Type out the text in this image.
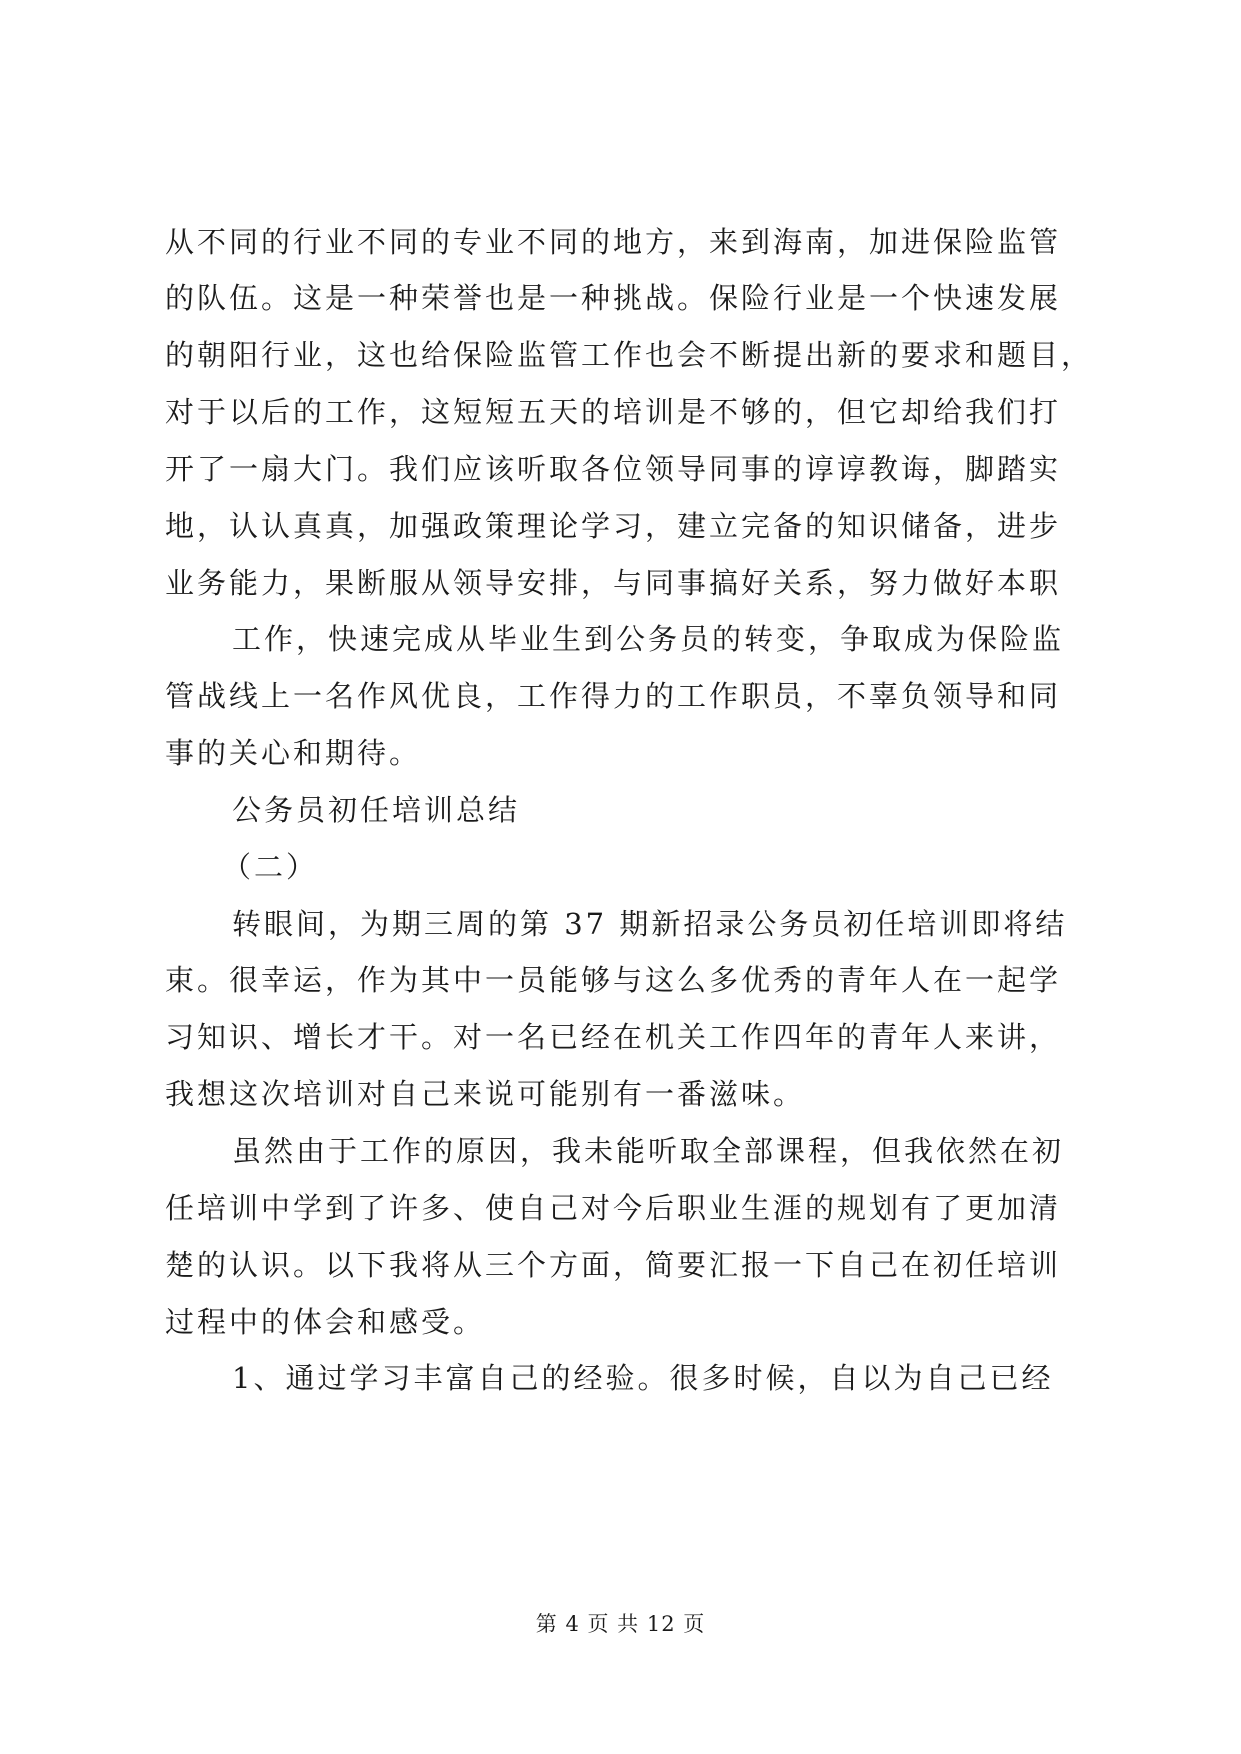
从不同的行业不同的专业不同的地方，来到海南，加进保险监管
的队伍。这是一种荣誉也是一种挑战。保险行业是一个快速发展
的朝阳行业，这也给保险监管工作也会不断提出新的要求和题目，
对于以后的工作，这短短五天的培训是不够的，但它却给我们打
开了一扇大门。我们应该听取各位领导同事的谆谆教诲，脚踏实
地，认认真真，加强政策理论学习，建立完备的知识储备，进步
业务能力，果断服从领导安排，与同事搞好关系，努力做好本职
工作，快速完成从毕业生到公务员的转变，争取成为保险监
管战线上一名作风优良，工作得力的工作职员，不辜负领导和同
事的关心和期待。
公务员初任培训总结
（二）
转眼间，为期三周的第 37 期新招录公务员初任培训即将结
束。很幸运，作为其中一员能够与这么多优秀的青年人在一起学
习知识、增长才干。对一名已经在机关工作四年的青年人来讲，
我想这次培训对自己来说可能别有一番滋味。
虽然由于工作的原因，我未能听取全部课程，但我依然在初
任培训中学到了许多、使自己对今后职业生涯的规划有了更加清
楚的认识。以下我将从三个方面，简要汇报一下自己在初任培训
过程中的体会和感受。
1、通过学习丰富自己的经验。很多时候，自以为自己已经
第 4 页 共 12 页
